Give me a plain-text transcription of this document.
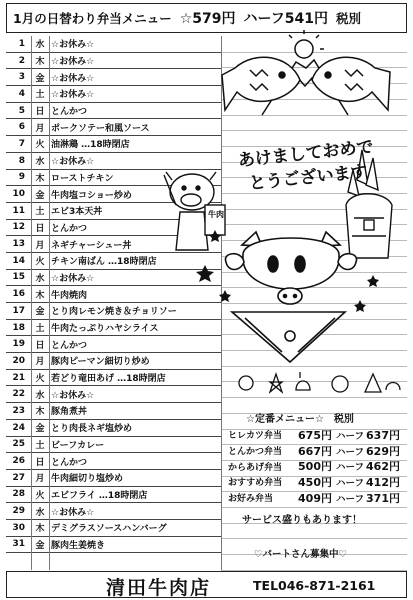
1月の日替わり弁当メニュー ☆579円 ハーフ541円 税別
1	水 ☆お休み☆
2	木 ☆お休み☆
3	金 ☆お休み☆
4	土 ☆お休み☆
5	日 とんかつ
6	月 ポークソテー和風ソース
7	火 油淋鶏 …18時閉店
8	水 ☆お休み☆
9	木 ローストチキン
10	金 牛肉塩コショー炒め
11	土 エビ3本天丼
12	日 とんかつ
13	月 ネギチャーシュー丼
14	火 チキン南ばん …18時閉店
15	水 ☆お休み☆
16	木 牛肉焼肉
17	金 とり肉レモン焼き＆チョリソー
18	土 牛肉たっぷりハヤシライス
19	日 とんかつ
20	月 豚肉ピーマン細切り炒め
21	火 若どり竜田あげ …18時閉店
22	水 ☆お休み☆
23	木 豚角煮丼
24	金 とり肉長ネギ塩炒め
25	土 ビーフカレー
26	日 とんかつ
27	月 牛肉細切り塩炒め
28	火 エビフライ …18時閉店
29	水 ☆お休み☆
30	木 デミグラスソースハンバーグ
31	金 豚肉生姜焼き
牛肉
あけましておめでとうございます
☆定番メニュー☆　税別
ヒレカツ弁当	675円 ハーフ 637円
とんかつ弁当	667円 ハーフ 629円
からあげ弁当	500円 ハーフ 462円
おすすめ弁当	450円 ハーフ 412円
お好み弁当	409円 ハーフ 371円
サービス盛りもあります！
♡パートさん募集中♡
清田牛肉店	TEL046-871-2161
